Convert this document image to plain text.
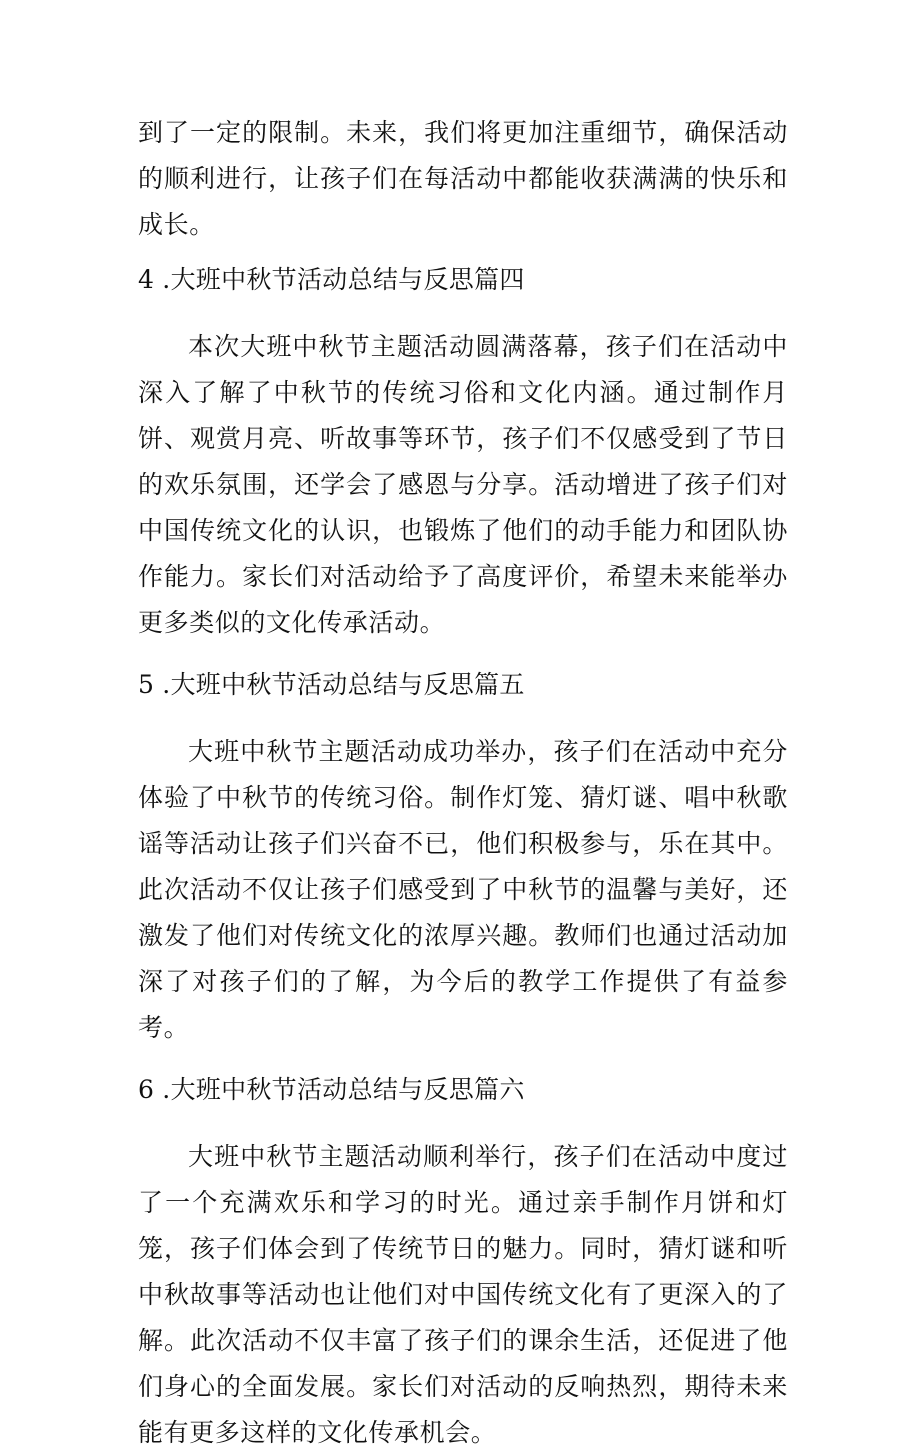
到了一定的限制。未来，我们将更加注重细节，确保活动的顺利进行，让孩子们在每活动中都能收获满满的快乐和成长。

4 .大班中秋节活动总结与反思篇四

本次大班中秋节主题活动圆满落幕，孩子们在活动中深入了解了中秋节的传统习俗和文化内涵。通过制作月饼、观赏月亮、听故事等环节，孩子们不仅感受到了节日的欢乐氛围，还学会了感恩与分享。活动增进了孩子们对中国传统文化的认识，也锻炼了他们的动手能力和团队协作能力。家长们对活动给予了高度评价，希望未来能举办更多类似的文化传承活动。

5 .大班中秋节活动总结与反思篇五

大班中秋节主题活动成功举办，孩子们在活动中充分体验了中秋节的传统习俗。制作灯笼、猜灯谜、唱中秋歌谣等活动让孩子们兴奋不已，他们积极参与，乐在其中。此次活动不仅让孩子们感受到了中秋节的温馨与美好，还激发了他们对传统文化的浓厚兴趣。教师们也通过活动加深了对孩子们的了解，为今后的教学工作提供了有益参考。

6 .大班中秋节活动总结与反思篇六

大班中秋节主题活动顺利举行，孩子们在活动中度过了一个充满欢乐和学习的时光。通过亲手制作月饼和灯笼，孩子们体会到了传统节日的魅力。同时，猜灯谜和听中秋故事等活动也让他们对中国传统文化有了更深入的了解。此次活动不仅丰富了孩子们的课余生活，还促进了他们身心的全面发展。家长们对活动的反响热烈，期待未来能有更多这样的文化传承机会。
